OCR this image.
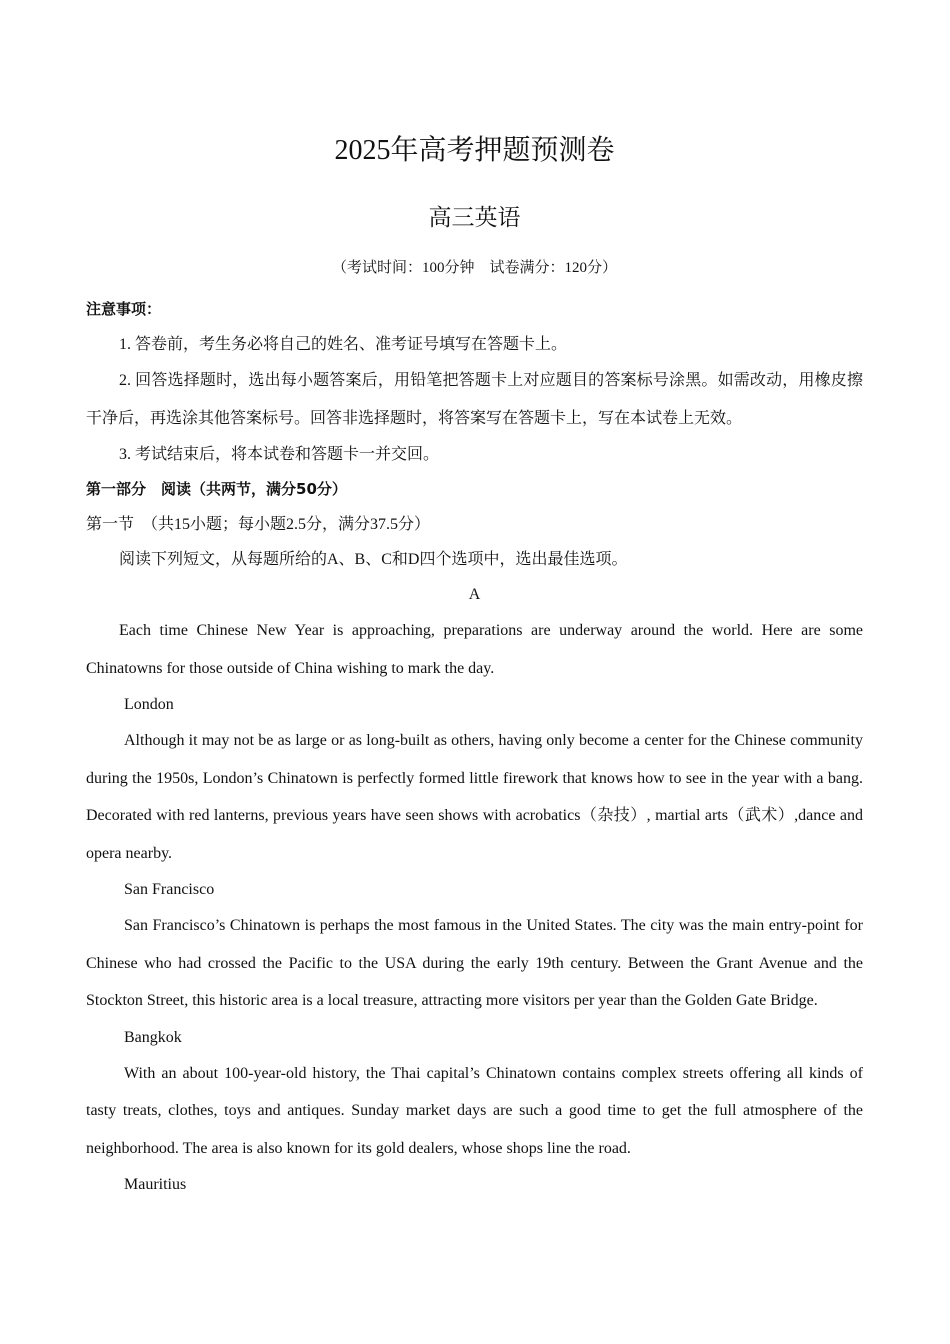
2025年高考押题预测卷
高三英语
（考试时间：100分钟　试卷满分：120分）

注意事项：

1. 答卷前，考生务必将自己的姓名、准考证号填写在答题卡上。

2. 回答选择题时，选出每小题答案后，用铅笔把答题卡上对应题目的答案标号涂黑。如需改动，用橡皮擦干净后，再选涂其他答案标号。回答非选择题时，将答案写在答题卡上，写在本试卷上无效。

3. 考试结束后，将本试卷和答题卡一并交回。

第一部分　阅读（共两节，满分50分）

第一节　（共15小题；每小题2.5分，满分37.5分）

阅读下列短文，从每题所给的A、B、C和D四个选项中，选出最佳选项。

A

Each time Chinese New Year is approaching, preparations are underway around the world. Here are some Chinatowns for those outside of China wishing to mark the day.

London

Although it may not be as large or as long-built as others, having only become a center for the Chinese community during the 1950s, London’s Chinatown is perfectly formed little firework that knows how to see in the year with a bang. Decorated with red lanterns, previous years have seen shows with acrobatics（杂技）, martial arts（武术）,dance and opera nearby.

San Francisco

San Francisco’s Chinatown is perhaps the most famous in the United States. The city was the main entry-point for Chinese who had crossed the Pacific to the USA during the early 19th century. Between the Grant Avenue and the Stockton Street, this historic area is a local treasure, attracting more visitors per year than the Golden Gate Bridge.

Bangkok

With an about 100-year-old history, the Thai capital’s Chinatown contains complex streets offering all kinds of tasty treats, clothes, toys and antiques. Sunday market days are such a good time to get the full atmosphere of the neighborhood. The area is also known for its gold dealers, whose shops line the road.

Mauritius
